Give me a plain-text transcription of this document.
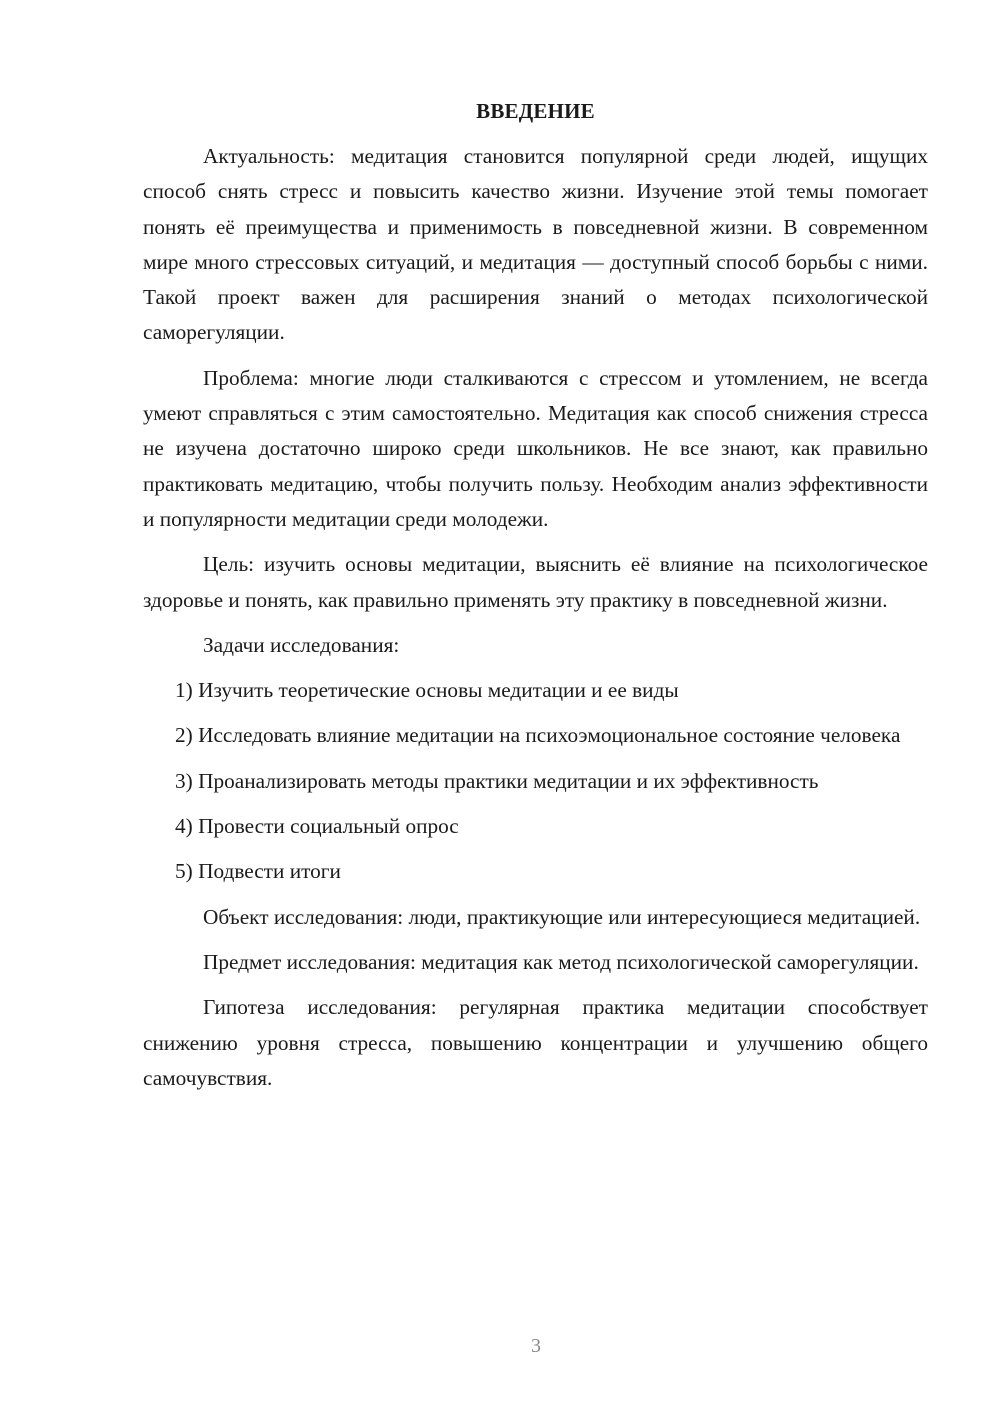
ВВЕДЕНИЕ

Актуальность: медитация становится популярной среди людей, ищущих способ снять стресс и повысить качество жизни. Изучение этой темы помогает понять её преимущества и применимость в повседневной жизни. В современном мире много стрессовых ситуаций, и медитация — доступный способ борьбы с ними. Такой проект важен для расширения знаний о методах психологической саморегуляции.

Проблема: многие люди сталкиваются с стрессом и утомлением, не всегда умеют справляться с этим самостоятельно. Медитация как способ снижения стресса не изучена достаточно широко среди школьников. Не все знают, как правильно практиковать медитацию, чтобы получить пользу. Необходим анализ эффективности и популярности медитации среди молодежи.

Цель: изучить основы медитации, выяснить её влияние на психологическое здоровье и понять, как правильно применять эту практику в повседневной жизни.

Задачи исследования:

1) Изучить теоретические основы медитации и ее виды

2) Исследовать влияние медитации на психоэмоциональное состояние человека

3) Проанализировать методы практики медитации и их эффективность

4) Провести социальный опрос

5) Подвести итоги

Объект исследования: люди, практикующие или интересующиеся медитацией.

Предмет исследования: медитация как метод психологической саморегуляции.

Гипотеза исследования: регулярная практика медитации способствует снижению уровня стресса, повышению концентрации и улучшению общего самочувствия.

3
